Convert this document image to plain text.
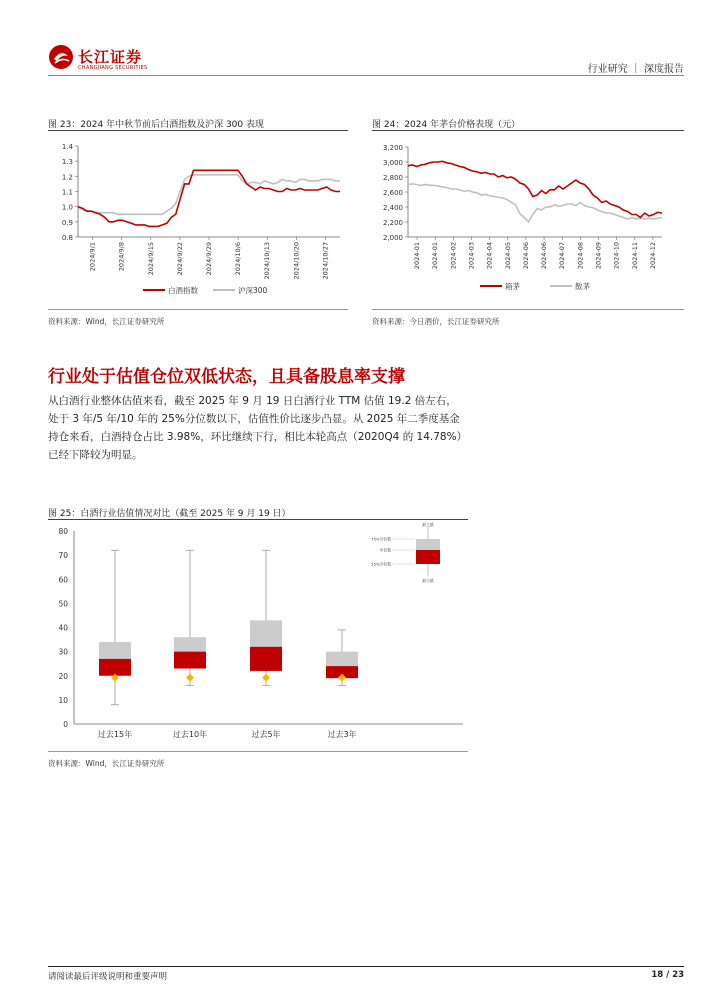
长江证券
CHANGJIANG SECURITIES	行业研究 ｜ 深度报告
图 23：2024 年中秋节前后白酒指数及沪深 300 表现
0.8
0.9
1.0
1.1
1.2
1.3
1.4
2024/9/1	2024/9/8	2024/9/15	2024/9/22	2024/9/29	2024/10/6	2024/10/13	2024/10/20	2024/10/27
白酒指数	沪深300
资料来源：Wind，长江证券研究所
图 24：2024 年茅台价格表现（元）
2,000
2,200
2,400
2,600
2,800
3,000
3,200
2024-01 2024-01 2024-02 2024-03 2024-04 2024-05 2024-06 2024-06 2024-07 2024-08 2024-09 2024-10 2024-11 2024-12
箱茅	散茅
资料来源：今日酒价，长江证券研究所
行业处于估值仓位双低状态，且具备股息率支撑
从白酒行业整体估值来看，截至 2025 年 9 月 19 日白酒行业 TTM 估值 19.2 倍左右，
处于 3 年/5 年/10 年的 25%分位数以下，估值性价比逐步凸显。从 2025 年二季度基金
持仓来看，白酒持仓占比 3.98%，环比继续下行，相比本轮高点（2020Q4 的 14.78%）
已经下降较为明显。
图 25：白酒行业估值情况对比（截至 2025 年 9 月 19 日）
0
10
20
30
40
50
60
70
80
过去15年	过去10年	过去5年	过去3年
最大值
最小值
75%分位数
中位数
25%分位数
资料来源：Wind，长江证券研究所
请阅读最后评级说明和重要声明	18 / 23
